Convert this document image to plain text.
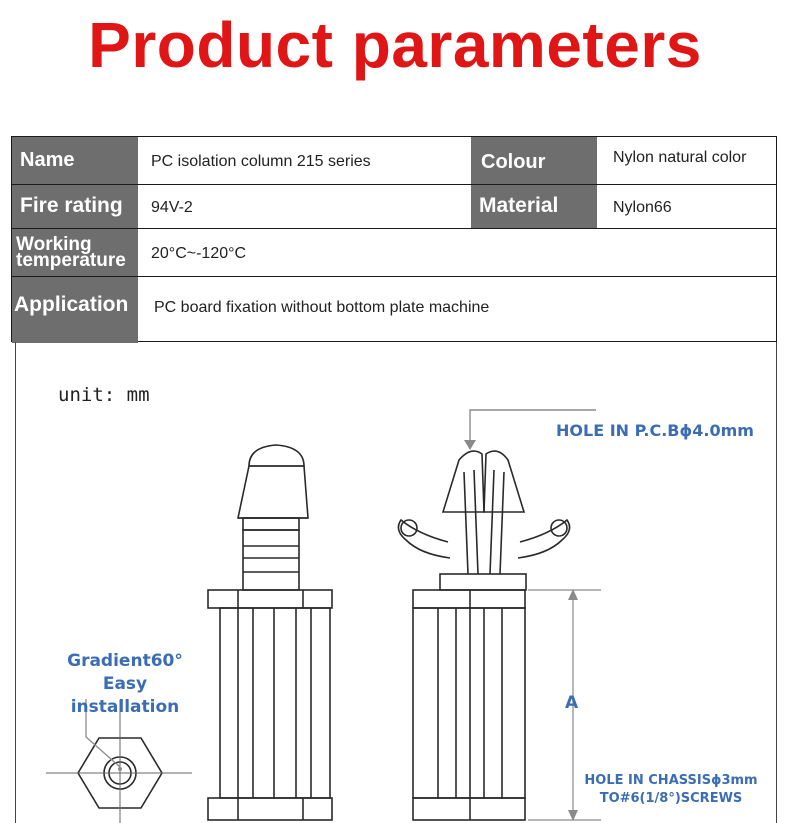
Product parameters
Name	PC isolation column 215 series	Colour	Nylon natural color
Fire rating	94V-2	Material	Nylon66
Working
temperature	20°C~-120°C
Application	PC board fixation without bottom plate machine
unit: mm
HOLE IN P.C.Bϕ4.0mm
Gradient60°
Easy installation	A
HOLE IN CHASSISϕ3mm
TO#6(1/8°)SCREWS
